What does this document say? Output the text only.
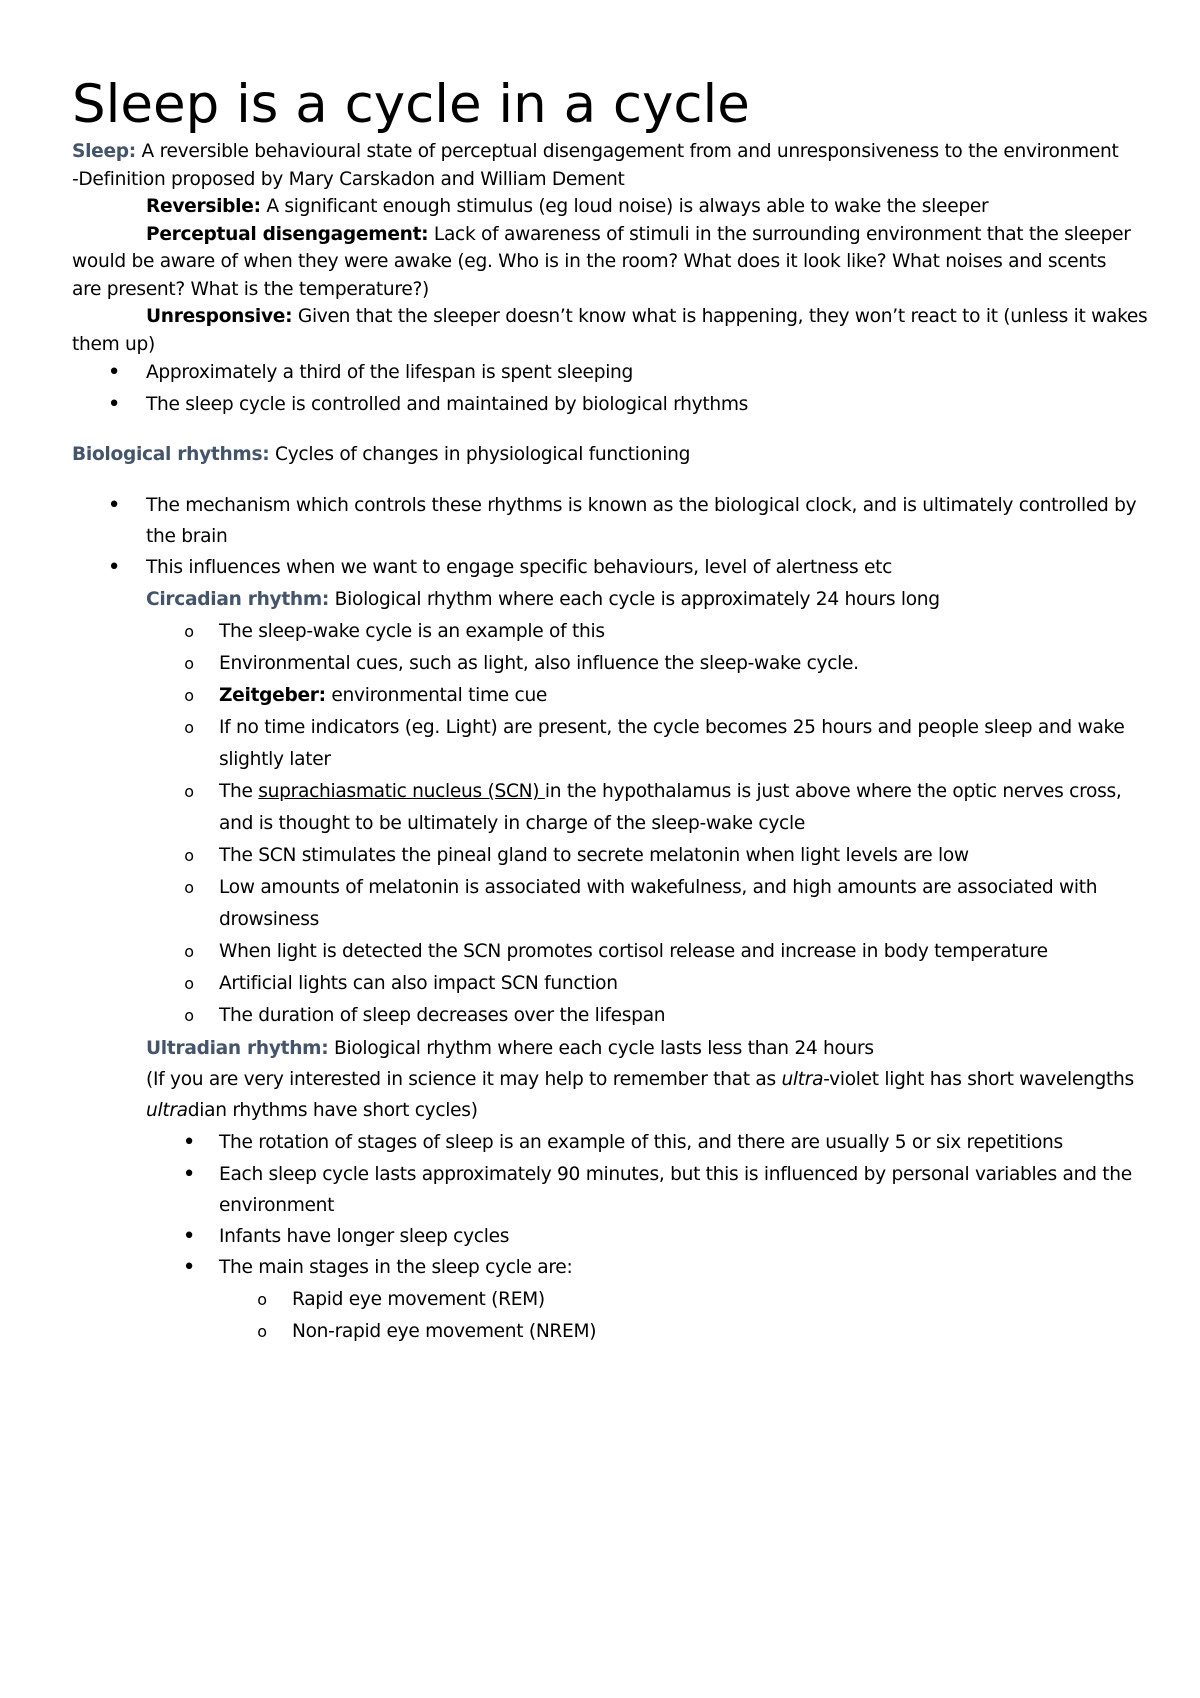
Sleep is a cycle in a cycle
Sleep: A reversible behavioural state of perceptual disengagement from and unresponsiveness to the environment
-Definition proposed by Mary Carskadon and William Dement
Reversible: A significant enough stimulus (eg loud noise) is always able to wake the sleeper
Perceptual disengagement: Lack of awareness of stimuli in the surrounding environment that the sleeper
would be aware of when they were awake (eg. Who is in the room? What does it look like? What noises and scents
are present? What is the temperature?)
Unresponsive: Given that the sleeper doesn’t know what is happening, they won’t react to it (unless it wakes
them up)
• Approximately a third of the lifespan is spent sleeping
• The sleep cycle is controlled and maintained by biological rhythms
Biological rhythms: Cycles of changes in physiological functioning
• The mechanism which controls these rhythms is known as the biological clock, and is ultimately controlled by
the brain
• This influences when we want to engage specific behaviours, level of alertness etc
Circadian rhythm: Biological rhythm where each cycle is approximately 24 hours long
o The sleep-wake cycle is an example of this
o Environmental cues, such as light, also influence the sleep-wake cycle.
o Zeitgeber: environmental time cue
o If no time indicators (eg. Light) are present, the cycle becomes 25 hours and people sleep and wake
slightly later
o The suprachiasmatic nucleus (SCN) in the hypothalamus is just above where the optic nerves cross,
and is thought to be ultimately in charge of the sleep-wake cycle
o The SCN stimulates the pineal gland to secrete melatonin when light levels are low
o Low amounts of melatonin is associated with wakefulness, and high amounts are associated with
drowsiness
o When light is detected the SCN promotes cortisol release and increase in body temperature
o Artificial lights can also impact SCN function
o The duration of sleep decreases over the lifespan
Ultradian rhythm: Biological rhythm where each cycle lasts less than 24 hours
(If you are very interested in science it may help to remember that as ultra-violet light has short wavelengths
ultradian rhythms have short cycles)
• The rotation of stages of sleep is an example of this, and there are usually 5 or six repetitions
• Each sleep cycle lasts approximately 90 minutes, but this is influenced by personal variables and the
environment
• Infants have longer sleep cycles
• The main stages in the sleep cycle are:
o Rapid eye movement (REM)
o Non-rapid eye movement (NREM)
